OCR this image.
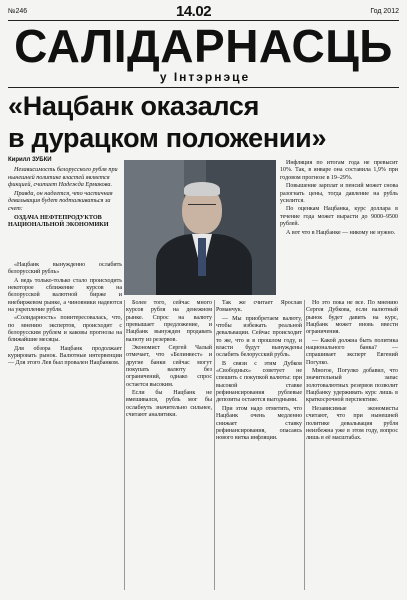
№246	14.02	Год 2012
САЛІДАРНАСЦЬ
у Інтэрнэце
«Нацбанк оказался
в дурацком положении»
Кирилл ЗУБКИ

Независимость белорусского рубля при нынешней политике властей является фикцией, считает Надежда Ермакова.

Правда, он надеется, что частичная девальвация будет подталкиваться за счет:

ОЗДАЧА НЕФТЕПРОДУКТОВ НАЦИОНАЛЬНОЙ ЭКОНОМИКИ

Инфляция по итогам года не превысит 10%. Так, в январе она составила 1,9% при годовом прогнозе в 19–29%.

Повышение зарплат и пенсий может снова разогнать цены, тогда давление на рубль усилится.

По оценкам Нацбанка, курс доллара в течение года может вырасти до 9000–9500 рублей.

А вот что в Нацбанке — никому не нужно.

«Нацбанк вынужденно ослабить белорусский рубль»

А ведь только-только стало происходить некоторое сближение курсов на белорусской валютной бирже и внебиржевом рынке, а чиновники надеются на укрепление рубля.

«Солидарность» поинтересовалась, что, по мнению экспертов, происходит с белорусским рублем и каковы прогнозы на ближайшие месяцы.

Для обзора Нацбанк продолжает курировать рынок. Валютные интервенции — Для этого Лев был провален Нацбанком.

Более того, сейчас много курсов рубля на денежном рынке. Спрос на валюту превышает предложение, и Нацбанк вынужден продавать валюту из резервов.

Экономист Сергей Чалый отмечает, что «Белинвест» и другие банки сейчас могут покупать валюту без ограничений, однако спрос остается высоким.

Если бы Нацбанк не вмешивался, рубль мог бы ослабнуть значительно сильнее, считают аналитики.

Так же считает Ярослав Романчук.

— Мы приобретаем валюту, чтобы избежать реальной девальвации. Сейчас происходит то же, что и в прошлом году, и власти будут вынуждены ослабить белорусский рубль.

В связи с этим Дубков «Свободных» советует не спешить с покупкой валюты: при высокой ставке рефинансирования рублевые депозиты остаются выгодными.

При этом надо отметить, что Нацбанк очень медленно снижает ставку рефинансирования, опасаясь нового витка инфляции.

Но это пока не все. По мнению Сергея Дубкова, если валютный рынок будет давить на курс, Нацбанк может вновь ввести ограничения.

— Какой должна быть политика национального банка? — спрашивает эксперт Евгений Погулко.

Многое, Погулко добавил, что значительный запас золотовалютных резервов позволит Нацбанку удерживать курс лишь в краткосрочной перспективе.

Независимые экономисты считают, что при нынешней политике девальвация рубля неизбежна уже в этом году, вопрос лишь в её масштабах.
